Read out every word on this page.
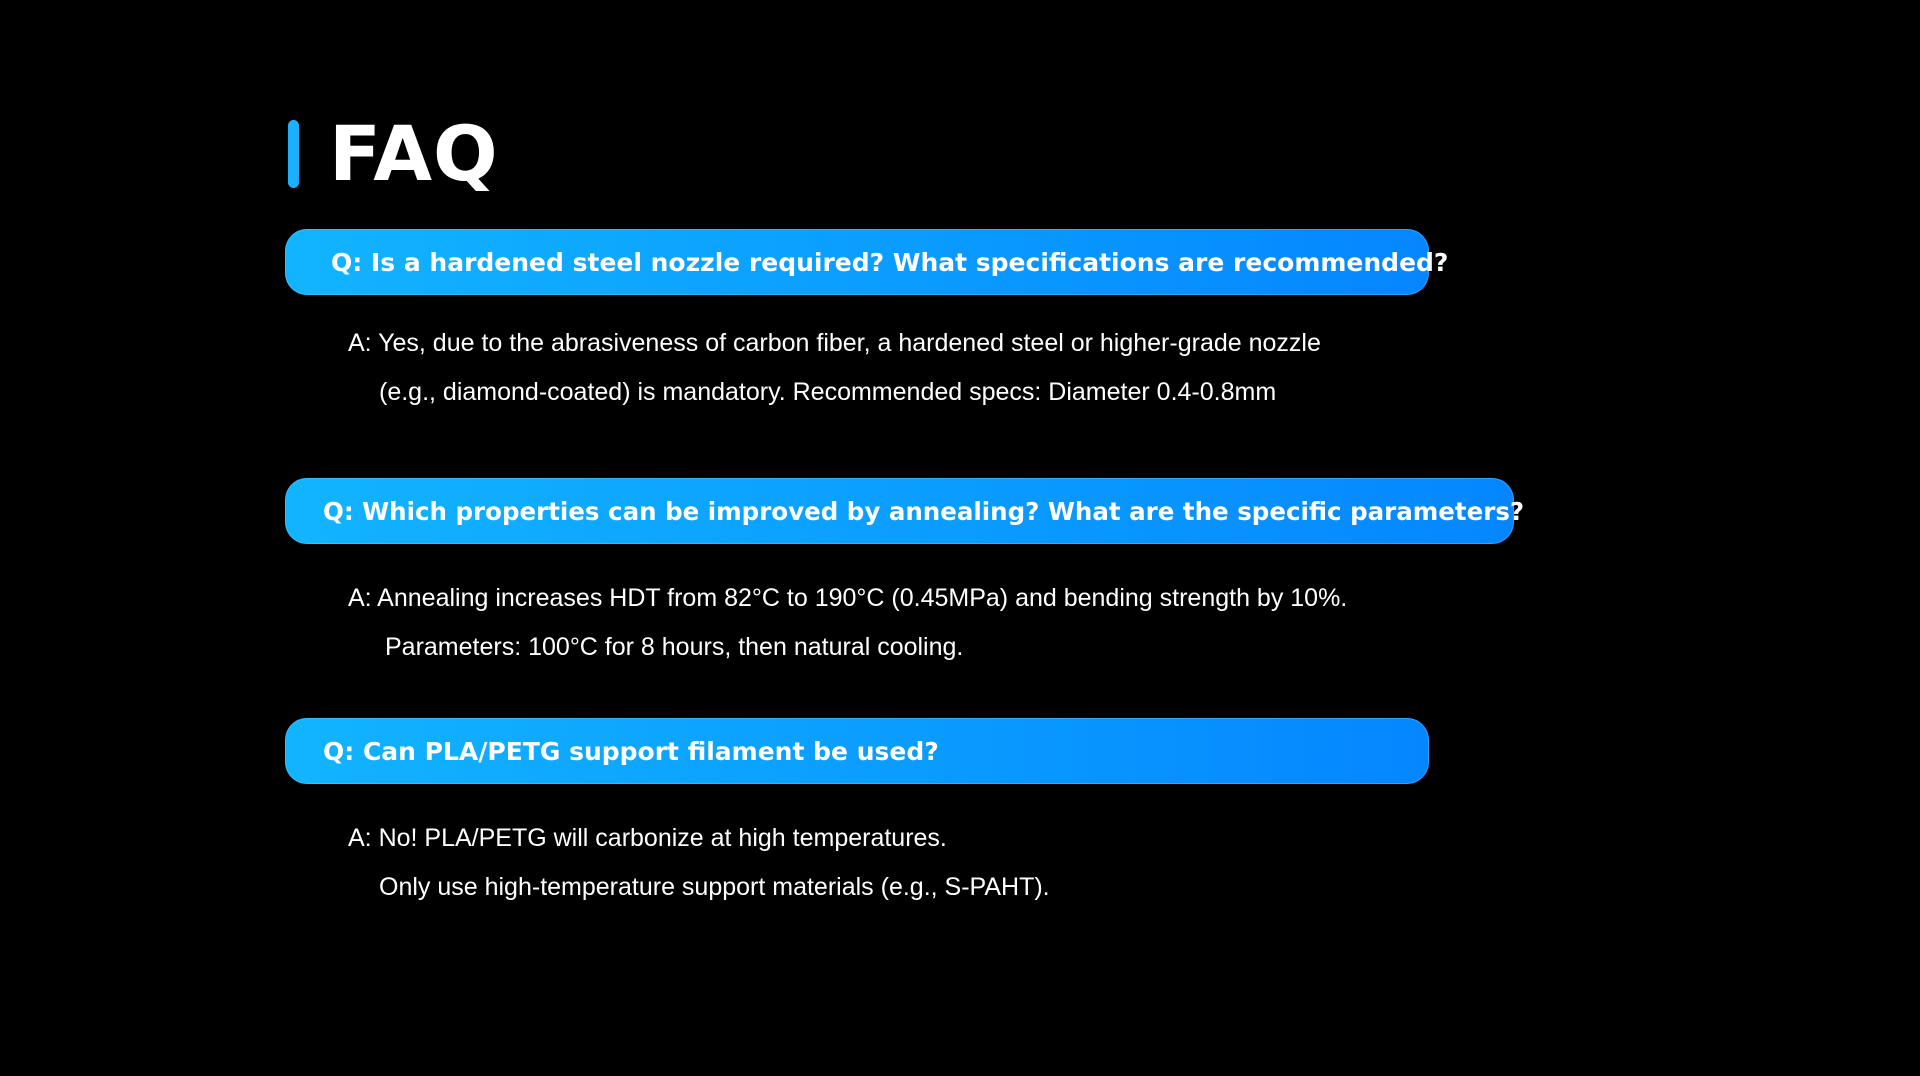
FAQ
Q: Is a hardened steel nozzle required? What specifications are recommended?
A: Yes, due to the abrasiveness of carbon fiber, a hardened steel or higher-grade nozzle
(e.g., diamond-coated) is mandatory. Recommended specs: Diameter 0.4-0.8mm
Q: Which properties can be improved by annealing? What are the specific parameters?
A: Annealing increases HDT from 82°C to 190°C (0.45MPa) and bending strength by 10%.
Parameters: 100°C for 8 hours, then natural cooling.
Q: Can PLA/PETG support filament be used?
A: No! PLA/PETG will carbonize at high temperatures.
Only use high-temperature support materials (e.g., S-PAHT).
